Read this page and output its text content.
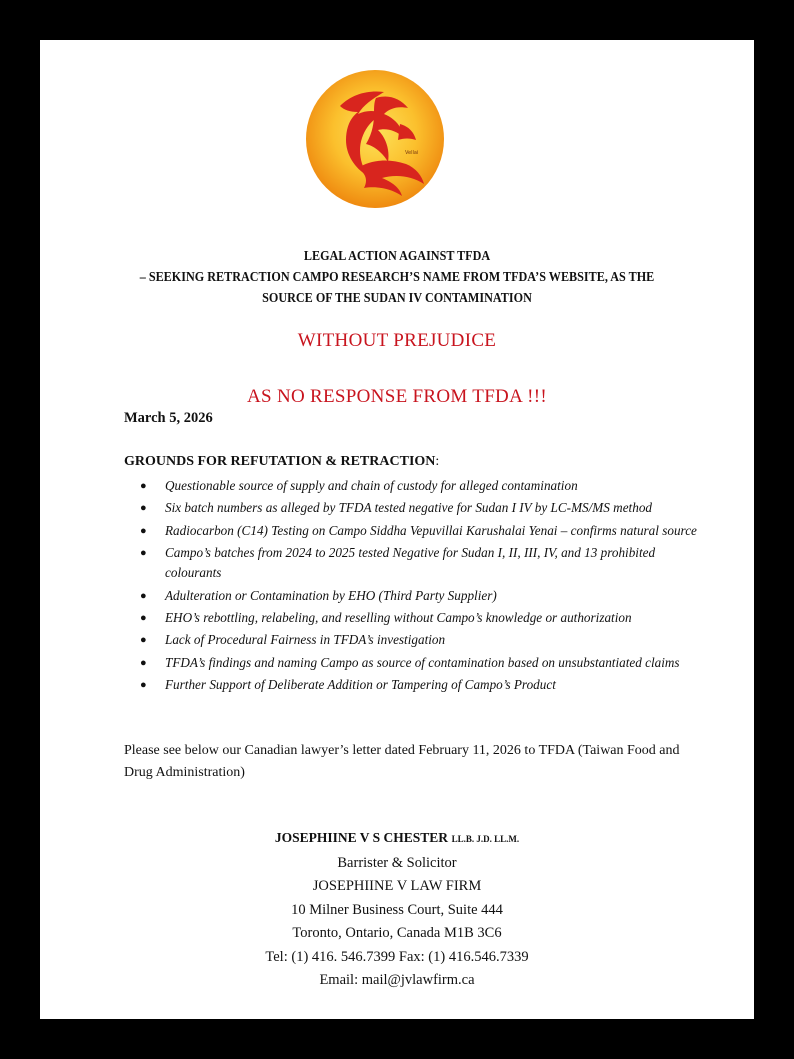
Vellai
LEGAL ACTION AGAINST TFDA
– SEEKING RETRACTION CAMPO RESEARCH’S NAME FROM TFDA’S WEBSITE, AS THE
SOURCE OF THE SUDAN IV CONTAMINATION
WITHOUT PREJUDICE
AS NO RESPONSE FROM TFDA !!!
March 5, 2026
GROUNDS FOR REFUTATION & RETRACTION:
● Questionable source of supply and chain of custody for alleged contamination
● Six batch numbers as alleged by TFDA tested negative for Sudan I IV by LC-MS/MS method
● Radiocarbon (C14) Testing on Campo Siddha Vepuvillai Karushalai Yenai – confirms natural source
● Campo’s batches from 2024 to 2025 tested Negative for Sudan I, II, III, IV, and 13 prohibited colourants
● Adulteration or Contamination by EHO (Third Party Supplier)
● EHO’s rebottling, relabeling, and reselling without Campo’s knowledge or authorization
● Lack of Procedural Fairness in TFDA’s investigation
● TFDA’s findings and naming Campo as source of contamination based on unsubstantiated claims
● Further Support of Deliberate Addition or Tampering of Campo’s Product
Please see below our Canadian lawyer’s letter dated February 11, 2026 to TFDA (Taiwan Food and Drug Administration)
JOSEPHIINE V S CHESTER LL.B. J.D. LL.M.
Barrister & Solicitor
JOSEPHIINE V LAW FIRM
10 Milner Business Court, Suite 444
Toronto, Ontario, Canada M1B 3C6
Tel: (1) 416. 546.7399 Fax: (1) 416.546.7339
Email: mail@jvlawfirm.ca
